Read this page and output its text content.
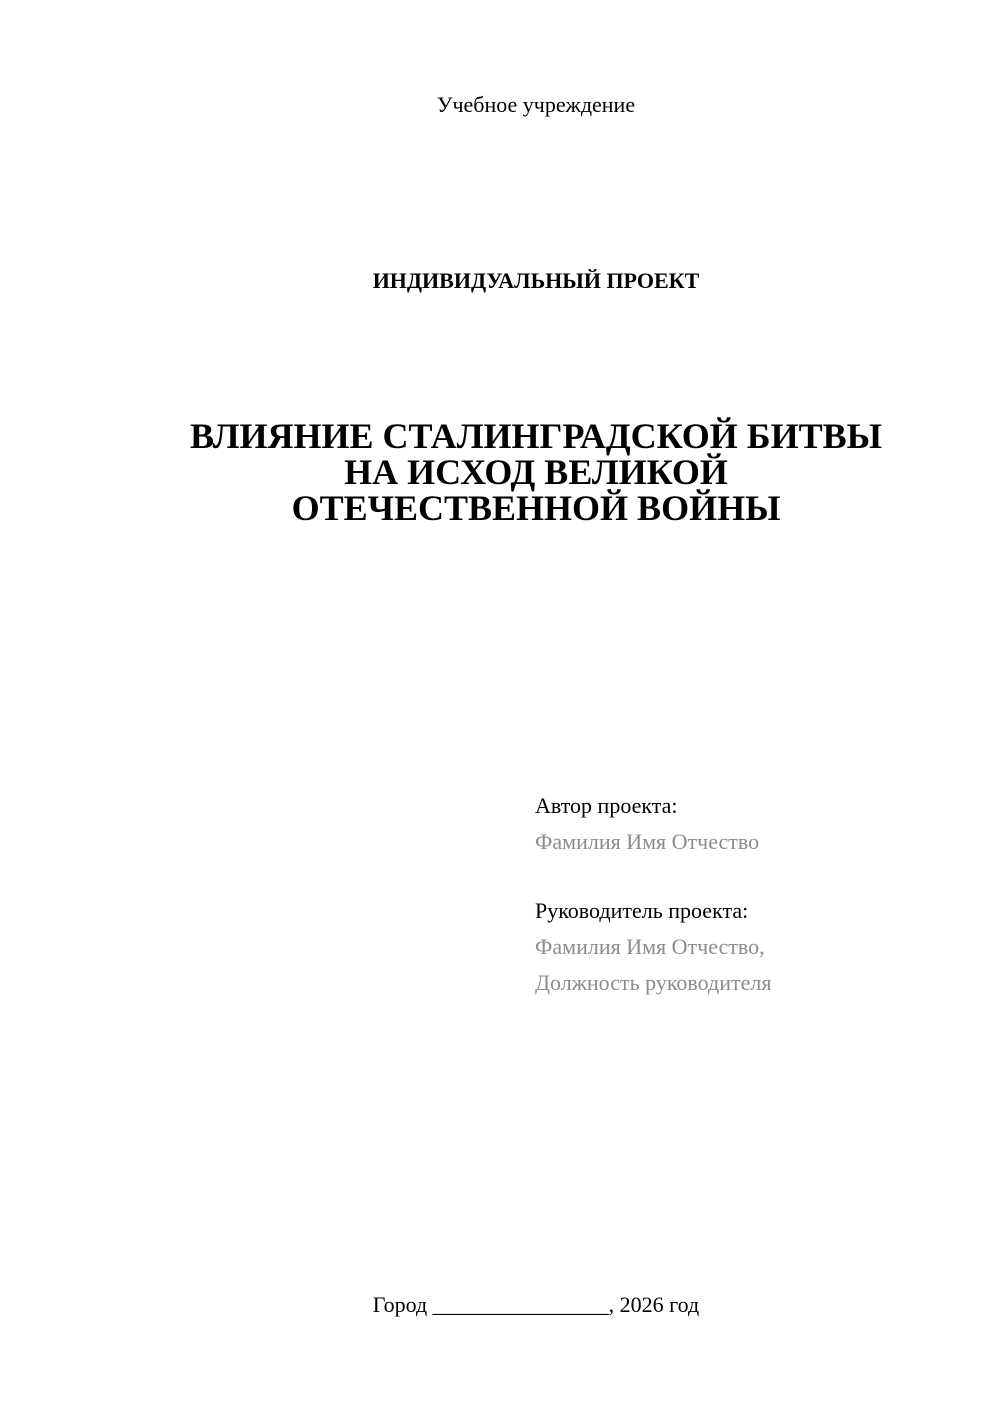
Учебное учреждение
ИНДИВИДУАЛЬНЫЙ ПРОЕКТ
ВЛИЯНИЕ СТАЛИНГРАДСКОЙ БИТВЫ
НА ИСХОД ВЕЛИКОЙ
ОТЕЧЕСТВЕННОЙ ВОЙНЫ
Автор проекта:
Фамилия Имя Отчество
Руководитель проекта:
Фамилия Имя Отчество,
Должность руководителя
Город ________________, 2026 год
